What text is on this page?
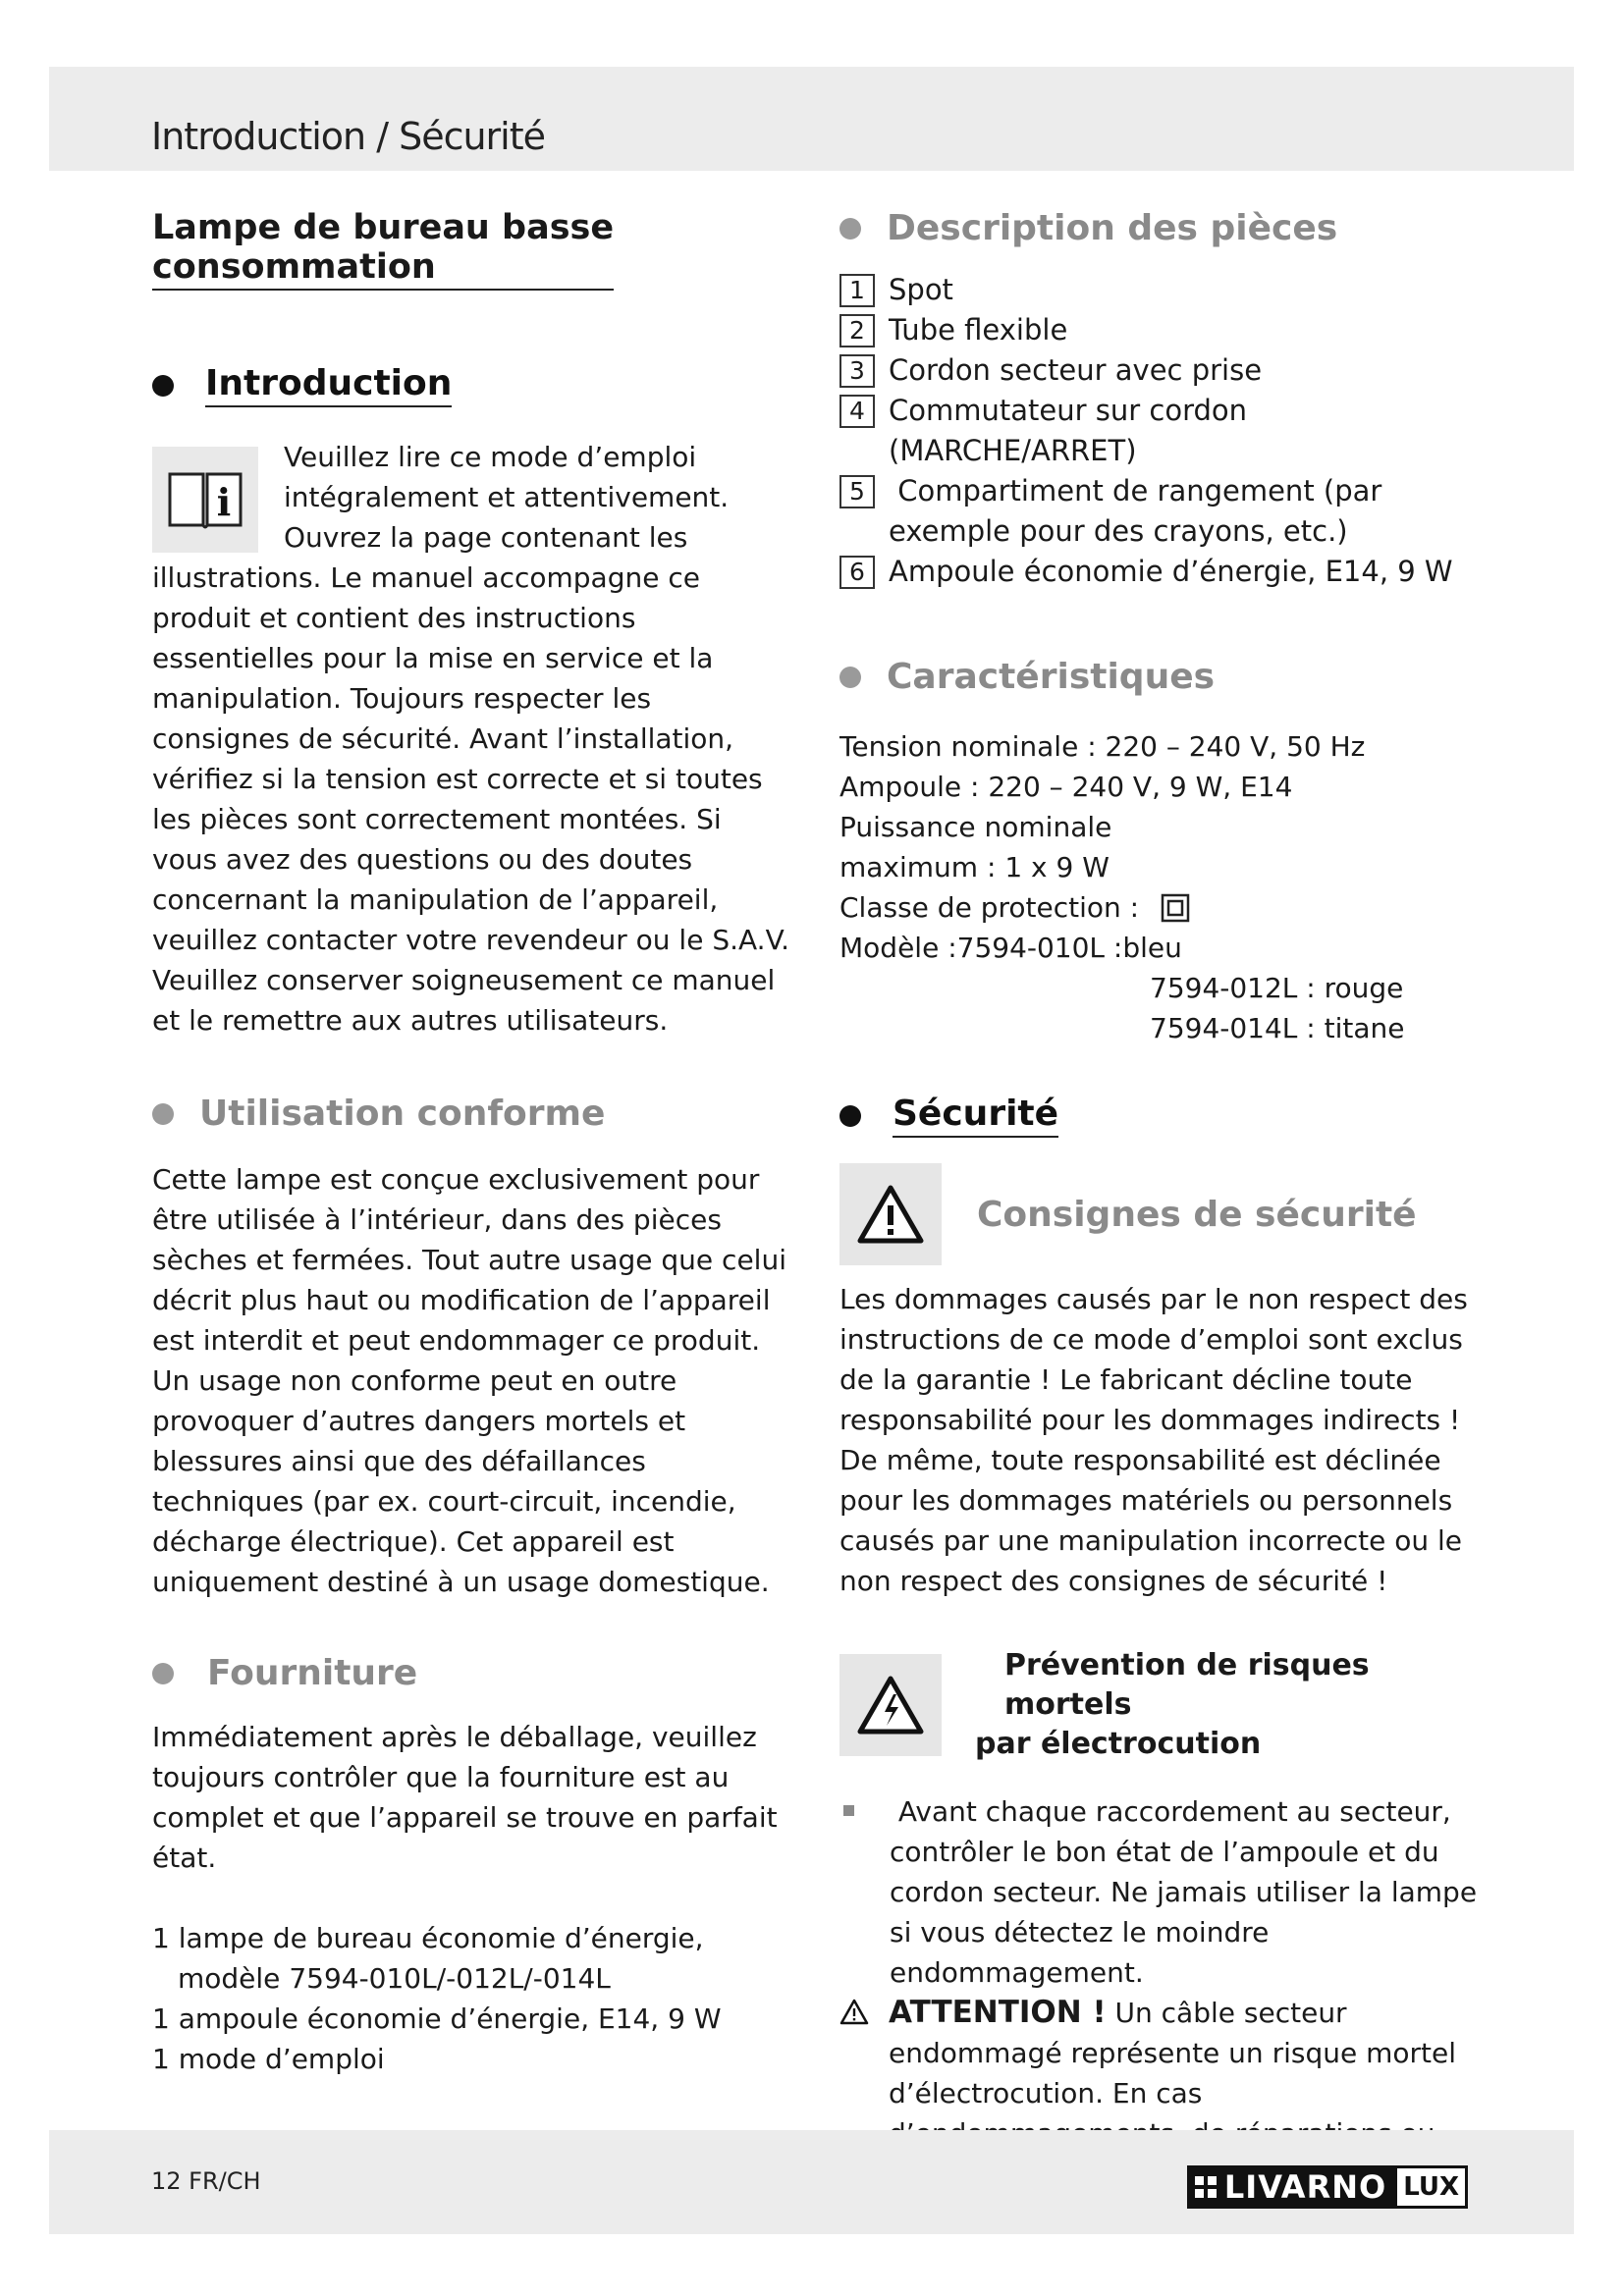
Introduction / Sécurité
Lampe de bureau basse
consommation
Introduction
i

Veuillez lire ce mode d’emploi intégralement et attentivement. Ouvrez la page contenant les illustrations. Le manuel accompagne ce produit et contient des instructions essentielles pour la mise en service et la manipulation. Toujours respecter les consignes de sécurité. Avant l’installation, vérifiez si la tension est correcte et si toutes les pièces sont correctement montées. Si vous avez des questions ou des doutes concernant la manipulation de l’appareil, veuillez contacter votre revendeur ou le S.A.V. Veuillez conserver soigneusement ce manuel et le remettre aux autres utilisateurs.

Utilisation conforme

Cette lampe est conçue exclusivement pour être utilisée à l’intérieur, dans des pièces sèches et fermées. Tout autre usage que celui décrit plus haut ou modification de l’appareil est interdit et peut endommager ce produit. Un usage non conforme peut en outre provoquer d’autres dangers mortels et blessures ainsi que des défaillances techniques (par ex. court-circuit, incendie, décharge électrique). Cet appareil est uniquement destiné à un usage domestique.

Fourniture

Immédiatement après le déballage, veuillez toujours contrôler que la fourniture est au complet et que l’appareil se trouve en parfait état.

1 lampe de bureau économie d’énergie,

modèle 7594-010L/-012L/-014L

1 ampoule économie d’énergie, E14, 9 W

1 mode d’emploi

Description des pièces
1 Spot
2 Tube flexible
3 Cordon secteur avec prise
4 Commutateur sur cordon (MARCHE/ARRET)
5 Compartiment de rangement (par exemple pour des crayons, etc.)
6 Ampoule économie d’énergie, E14, 9 W
Caractéristiques

Tension nominale : 220 – 240 V, 50 Hz

Ampoule : 220 – 240 V, 9 W, E14

Puissance nominale

maximum : 1 x 9 W

Classe de protection :

Modèle :7594-010L :bleu

7594-012L : rouge

7594-014L : titane

Sécurité
Consignes de sécurité

Les dommages causés par le non respect des instructions de ce mode d’emploi sont exclus de la garantie ! Le fabricant décline toute responsabilité pour les dommages indirects ! De même, toute responsabilité est déclinée pour les dommages matériels ou personnels causés par une manipulation incorrecte ou le non respect des consignes de sécurité !

Prévention de risques mortels
par électrocution

Avant chaque raccordement au secteur, contrôler le bon état de l’ampoule et du cordon secteur. Ne jamais utiliser la lampe si vous détectez le moindre endommagement.

ATTENTION ! Un câble secteur endommagé représente un risque mortel d’électrocution. En cas

12 FR/CH	LIVARNO LUX
